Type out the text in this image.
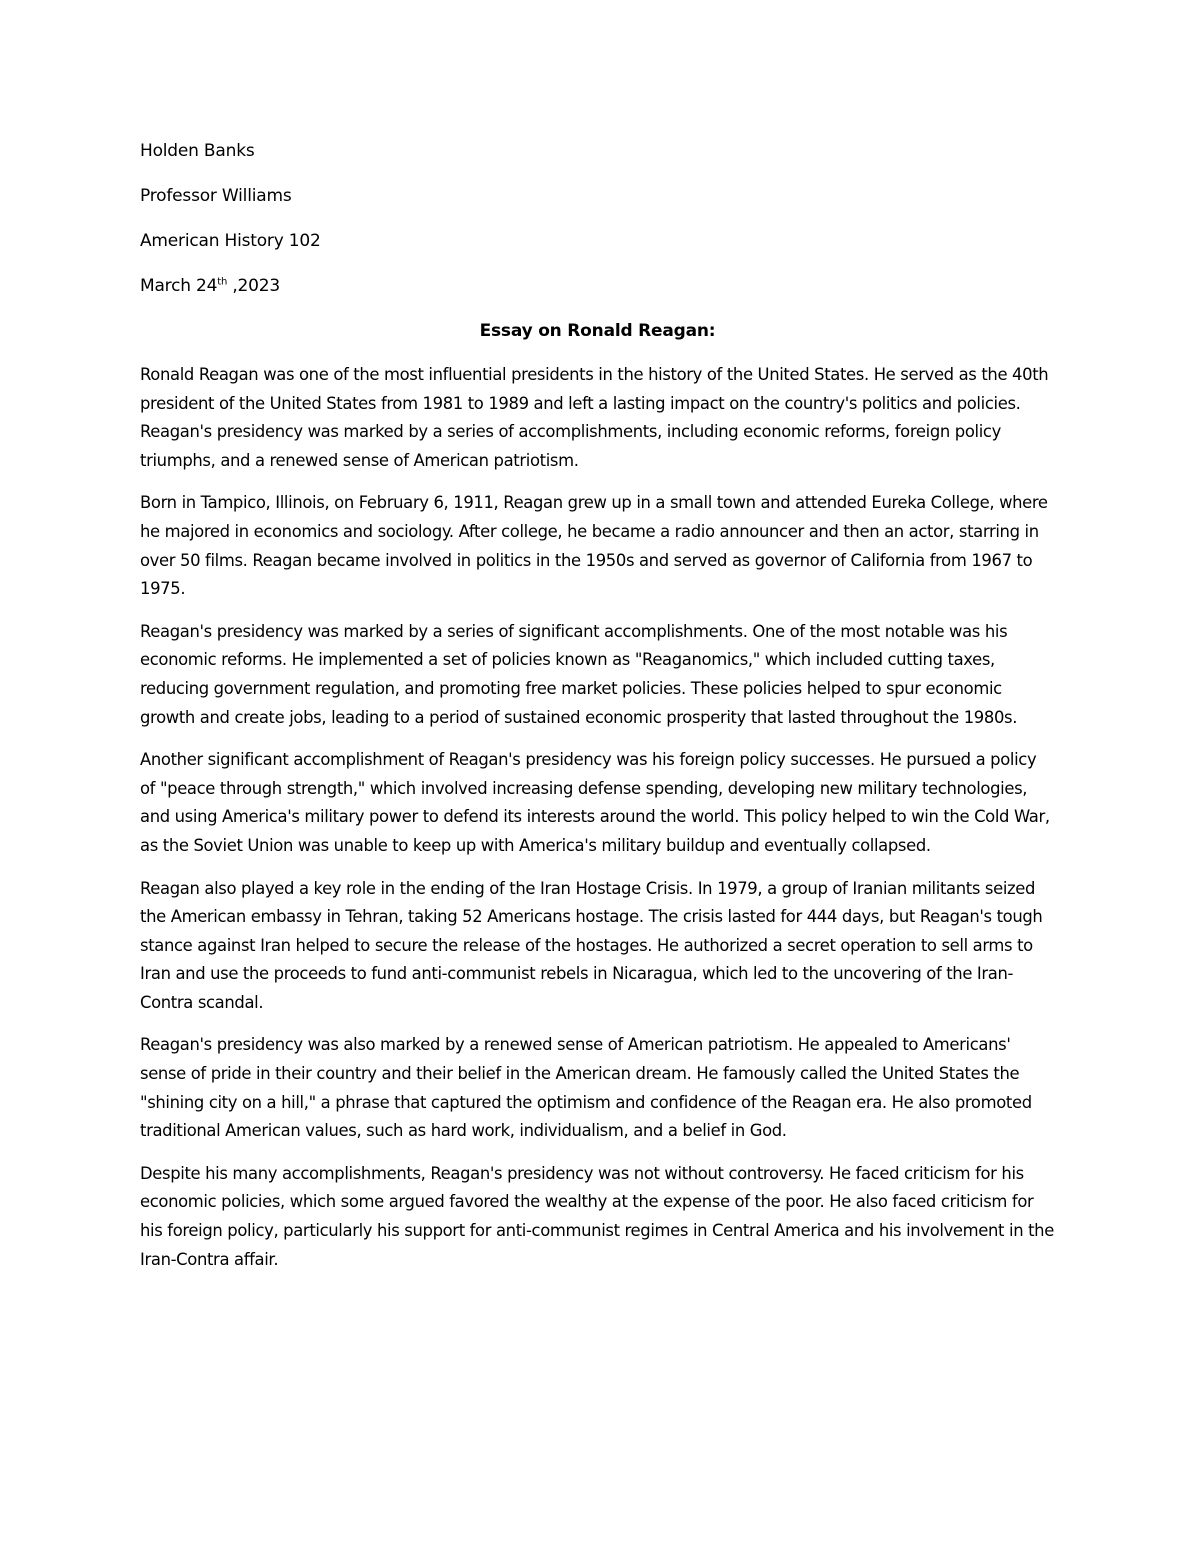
Holden Banks
Professor Williams
American History 102
March 24th ,2023
Essay on Ronald Reagan:

Ronald Reagan was one of the most influential presidents in the history of the United States. He served as the 40th president of the United States from 1981 to 1989 and left a lasting impact on the country's politics and policies. Reagan's presidency was marked by a series of accomplishments, including economic reforms, foreign policy triumphs, and a renewed sense of American patriotism.

Born in Tampico, Illinois, on February 6, 1911, Reagan grew up in a small town and attended Eureka College, where he majored in economics and sociology. After college, he became a radio announcer and then an actor, starring in over 50 films. Reagan became involved in politics in the 1950s and served as governor of California from 1967 to 1975.

Reagan's presidency was marked by a series of significant accomplishments. One of the most notable was his economic reforms. He implemented a set of policies known as "Reaganomics," which included cutting taxes, reducing government regulation, and promoting free market policies. These policies helped to spur economic growth and create jobs, leading to a period of sustained economic prosperity that lasted throughout the 1980s.

Another significant accomplishment of Reagan's presidency was his foreign policy successes. He pursued a policy of "peace through strength," which involved increasing defense spending, developing new military technologies, and using America's military power to defend its interests around the world. This policy helped to win the Cold War, as the Soviet Union was unable to keep up with America's military buildup and eventually collapsed.

Reagan also played a key role in the ending of the Iran Hostage Crisis. In 1979, a group of Iranian militants seized the American embassy in Tehran, taking 52 Americans hostage. The crisis lasted for 444 days, but Reagan's tough stance against Iran helped to secure the release of the hostages. He authorized a secret operation to sell arms to Iran and use the proceeds to fund anti-communist rebels in Nicaragua, which led to the uncovering of the Iran-Contra scandal.

Reagan's presidency was also marked by a renewed sense of American patriotism. He appealed to Americans' sense of pride in their country and their belief in the American dream. He famously called the United States the "shining city on a hill," a phrase that captured the optimism and confidence of the Reagan era. He also promoted traditional American values, such as hard work, individualism, and a belief in God.

Despite his many accomplishments, Reagan's presidency was not without controversy. He faced criticism for his economic policies, which some argued favored the wealthy at the expense of the poor. He also faced criticism for his foreign policy, particularly his support for anti-communist regimes in Central America and his involvement in the Iran-Contra affair.
